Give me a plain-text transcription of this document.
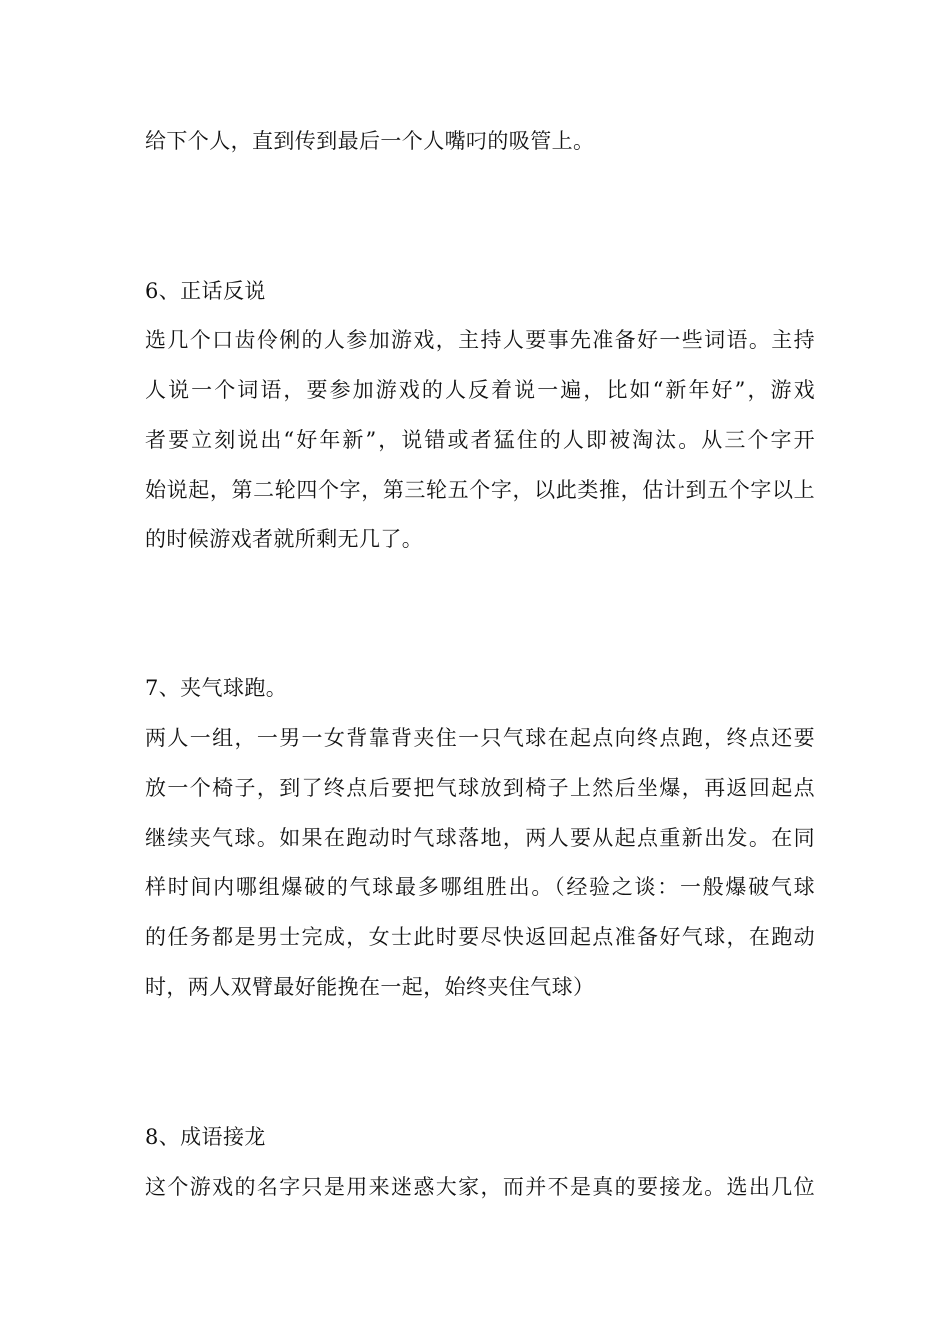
给下个人，直到传到最后一个人嘴叼的吸管上。
6、正话反说
选几个口齿伶俐的人参加游戏，主持人要事先准备好一些词语。主持
人说一个词语，要参加游戏的人反着说一遍，比如“新年好”，游戏
者要立刻说出“好年新”，说错或者猛住的人即被淘汰。从三个字开
始说起，第二轮四个字，第三轮五个字，以此类推，估计到五个字以上
的时候游戏者就所剩无几了。
7、夹气球跑。
两人一组，一男一女背靠背夹住一只气球在起点向终点跑，终点还要
放一个椅子，到了终点后要把气球放到椅子上然后坐爆，再返回起点
继续夹气球。如果在跑动时气球落地，两人要从起点重新出发。在同
样时间内哪组爆破的气球最多哪组胜出。（经验之谈：一般爆破气球
的任务都是男士完成，女士此时要尽快返回起点准备好气球，在跑动
时，两人双臂最好能挽在一起，始终夹住气球）
8、成语接龙
这个游戏的名字只是用来迷惑大家，而并不是真的要接龙。选出几位
